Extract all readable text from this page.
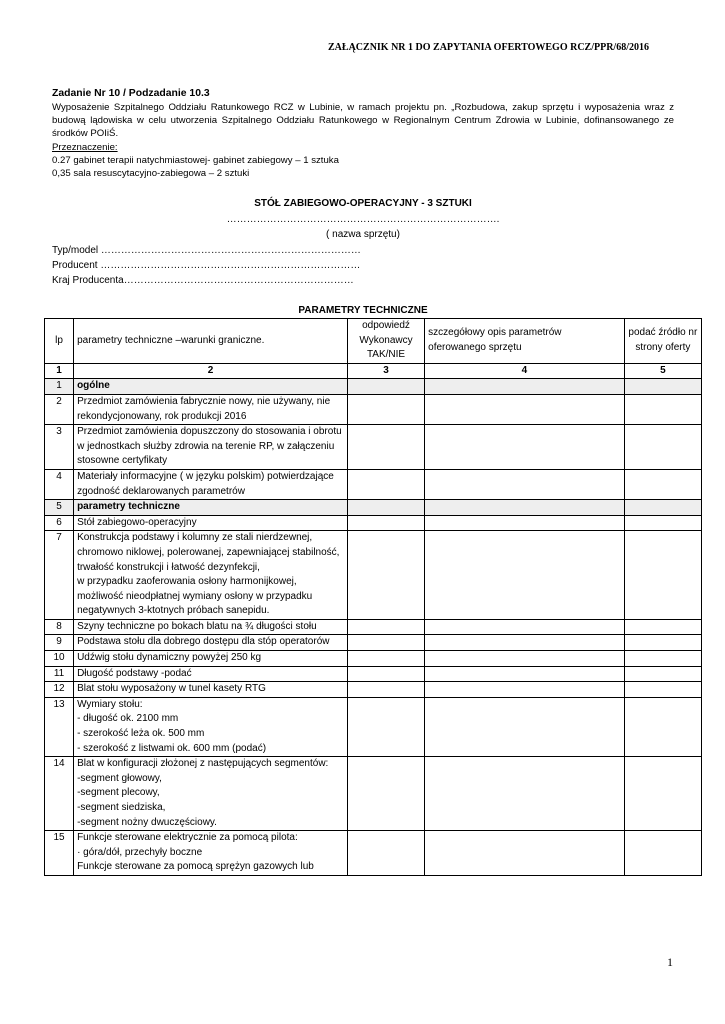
ZAŁĄCZNIK NR 1 DO ZAPYTANIA OFERTOWEGO RCZ/PPR/68/2016
Zadanie Nr 10 / Podzadanie 10.3
Wyposażenie Szpitalnego Oddziału Ratunkowego RCZ w Lubinie, w ramach projektu pn. „Rozbudowa, zakup sprzętu i wyposażenia wraz z budową lądowiska w celu utworzenia Szpitalnego Oddziału Ratunkowego w Regionalnym Centrum Zdrowia w Lubinie, dofinansowanego ze środków POIiŚ.
Przeznaczenie:
0.27 gabinet terapii natychmiastowej- gabinet zabiegowy – 1 sztuka
0,35 sala resuscytacyjno-zabiegowa – 2 sztuki
STÓŁ ZABIEGOWO-OPERACYJNY - 3 SZTUKI
……………………………………………………………………….
( nazwa sprzętu)
Typ/model ……………………………………………………………………
Producent ……………………………………………………………………
Kraj Producenta……………………………………………………………
PARAMETRY TECHNICZNE
lp	parametry techniczne –warunki graniczne.	odpowiedź Wykonawcy TAK/NIE	szczegółowy opis parametrów oferowanego sprzętu	podać źródło nr strony oferty
1	2	3	4	5
1	ogólne			
2	Przedmiot zamówienia fabrycznie nowy, nie używany, nie rekondycjonowany, rok produkcji 2016			
3	Przedmiot zamówienia dopuszczony do stosowania i obrotu w jednostkach służby zdrowia na terenie RP, w załączeniu stosowne certyfikaty			
4	Materiały informacyjne ( w języku polskim) potwierdzające zgodność deklarowanych parametrów			
5	parametry techniczne			
6	Stół zabiegowo-operacyjny			
7	Konstrukcja podstawy i kolumny ze stali nierdzewnej, chromowo niklowej, polerowanej, zapewniającej stabilność, trwałość konstrukcji i łatwość dezynfekcji,
w przypadku zaoferowania osłony harmonijkowej, możliwość nieodpłatnej wymiany osłony w przypadku negatywnych 3-ktotnych próbach sanepidu.			
8	Szyny techniczne po bokach blatu na ¾ długości stołu			
9	Podstawa stołu dla dobrego dostępu dla stóp operatorów			
10	Udźwig stołu dynamiczny powyżej 250 kg			
11	Długość podstawy -podać			
12	Blat stołu wyposażony w tunel kasety RTG			
13	Wymiary stołu:
- długość ok. 2100 mm
- szerokość leża ok. 500 mm
- szerokość z listwami ok. 600 mm (podać)			
14	Blat w konfiguracji złożonej z następujących segmentów:
-segment głowowy,
-segment plecowy,
-segment siedziska,
-segment nożny dwuczęściowy.			
15	Funkcje sterowane elektrycznie za pomocą pilota:
· góra/dół, przechyły boczne
Funkcje sterowane za pomocą sprężyn gazowych lub			
1
